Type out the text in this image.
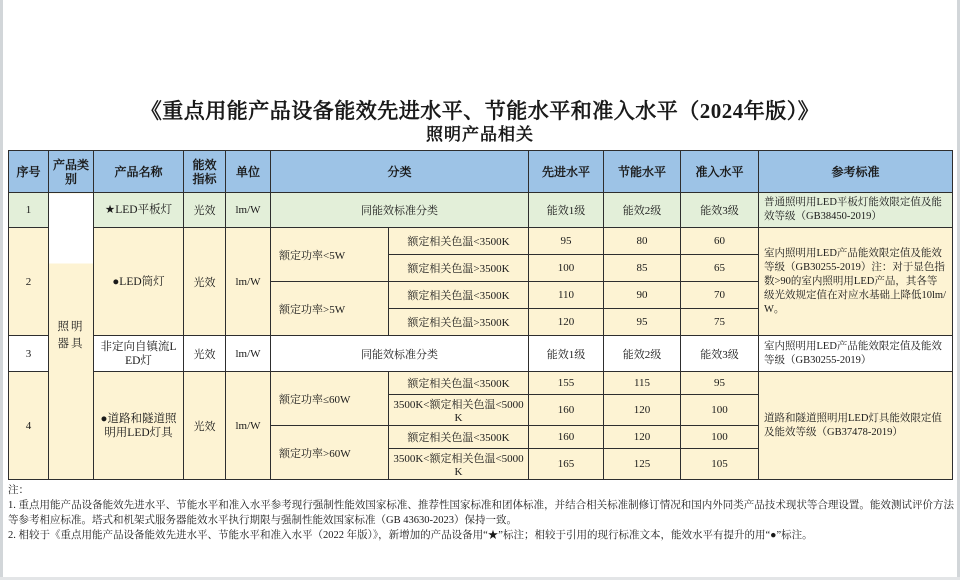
《重点用能产品设备能效先进水平、节能水平和准入水平（2024年版）》

照明产品相关

序号	产品类别	产品名称	能效指标	单位	分类		先进水平	节能水平	准入水平	参考标准
1	照明器具	★LED平板灯	光效	lm/W	同能效标准分类		能效1级	能效2级	能效3级	普通照明用LED平板灯能效限定值及能效等级（GB38450-2019）
2		●LED筒灯	光效	lm/W	额定功率<5W	额定相关色温<3500K	95	80	60	室内照明用LED产品能效限定值及能效等级（GB30255-2019）注：对于显色指数>90的室内照明用LED产品，其各等级光效规定值在对应水基础上降低10lm/W。
						额定相关色温>3500K	100	85	65	
					额定功率>5W	额定相关色温<3500K	110	90	70	
						额定相关色温>3500K	120	95	75	
3		非定向自镇流LED灯	光效	lm/W	同能效标准分类		能效1级	能效2级	能效3级	室内照明用LED产品能效限定值及能效等级（GB30255-2019）
4		●道路和隧道照明用LED灯具	光效	lm/W	额定功率≤60W	额定相关色温<3500K	155	115	95	道路和隧道照明用LED灯具能效限定值及能效等级（GB37478-2019）
						3500K<额定相关色温<5000K	160	120	100	
					额定功率>60W	额定相关色温<3500K	160	120	100	
						3500K<额定相关色温<5000K	165	125	105	

注：

1. 重点用能产品设备能效先进水平、节能水平和准入水平参考现行强制性能效国家标准、推荐性国家标准和团体标准，并结合相关标准制修订情况和国内外同类产品技术现状等合理设置。能效测试评价方法等参考相应标准。塔式和机架式服务器能效水平执行期限与强制性能效国家标准（GB 43630-2023）保持一致。

2. 相较于《重点用能产品设备能效先进水平、节能水平和准入水平（2022 年版）》，新增加的产品设备用“★”标注；相较于引用的现行标准文本，能效水平有提升的用“●”标注。
